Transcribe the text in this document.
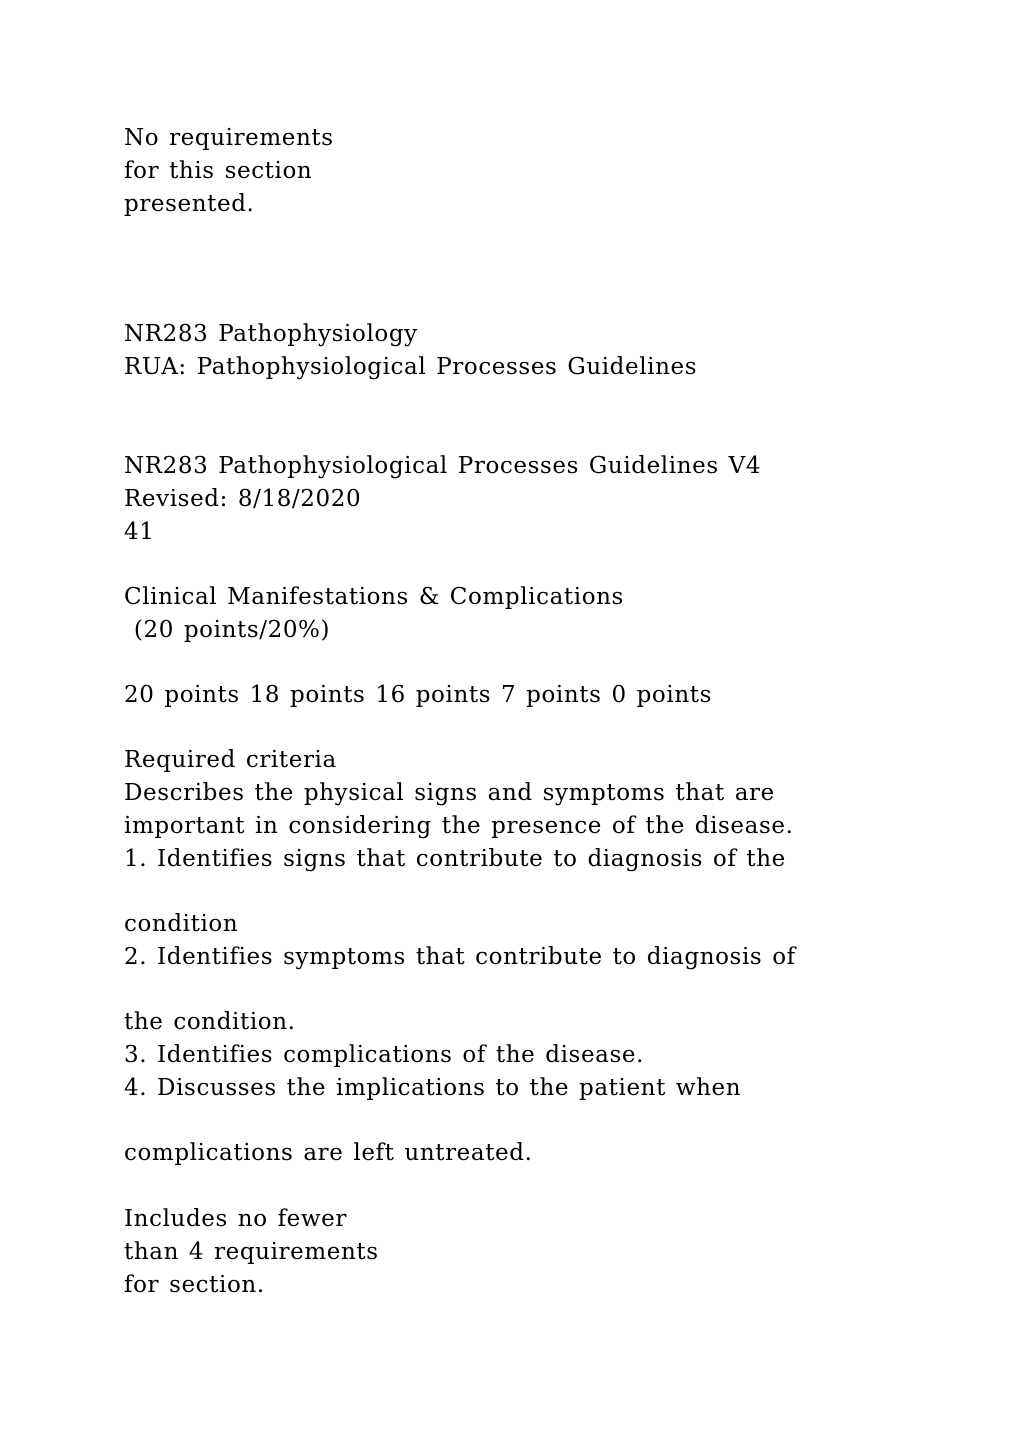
No requirements
for this section
presented.
NR283 Pathophysiology
RUA: Pathophysiological Processes Guidelines
NR283 Pathophysiological Processes Guidelines V4
Revised: 8/18/2020
41
Clinical Manifestations & Complications
(20 points/20%)
20 points 18 points 16 points 7 points 0 points
Required criteria
Describes the physical signs and symptoms that are
important in considering the presence of the disease.
1. Identifies signs that contribute to diagnosis of the
condition
2. Identifies symptoms that contribute to diagnosis of
the condition.
3. Identifies complications of the disease.
4. Discusses the implications to the patient when
complications are left untreated.
Includes no fewer
than 4 requirements
for section.
